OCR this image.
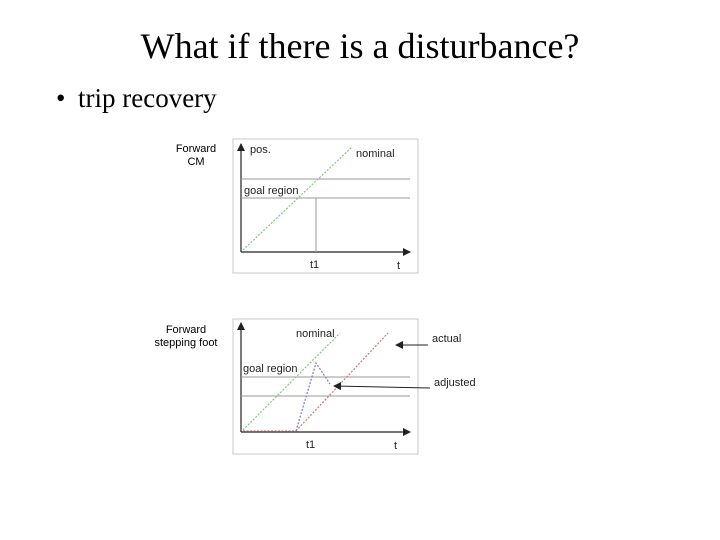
What if there is a disturbance?
• trip recovery
Forward
CM
Forward
stepping foot
pos.	nominal
goal region
t1	t
nominal
goal region
t1	t
actual
adjusted
